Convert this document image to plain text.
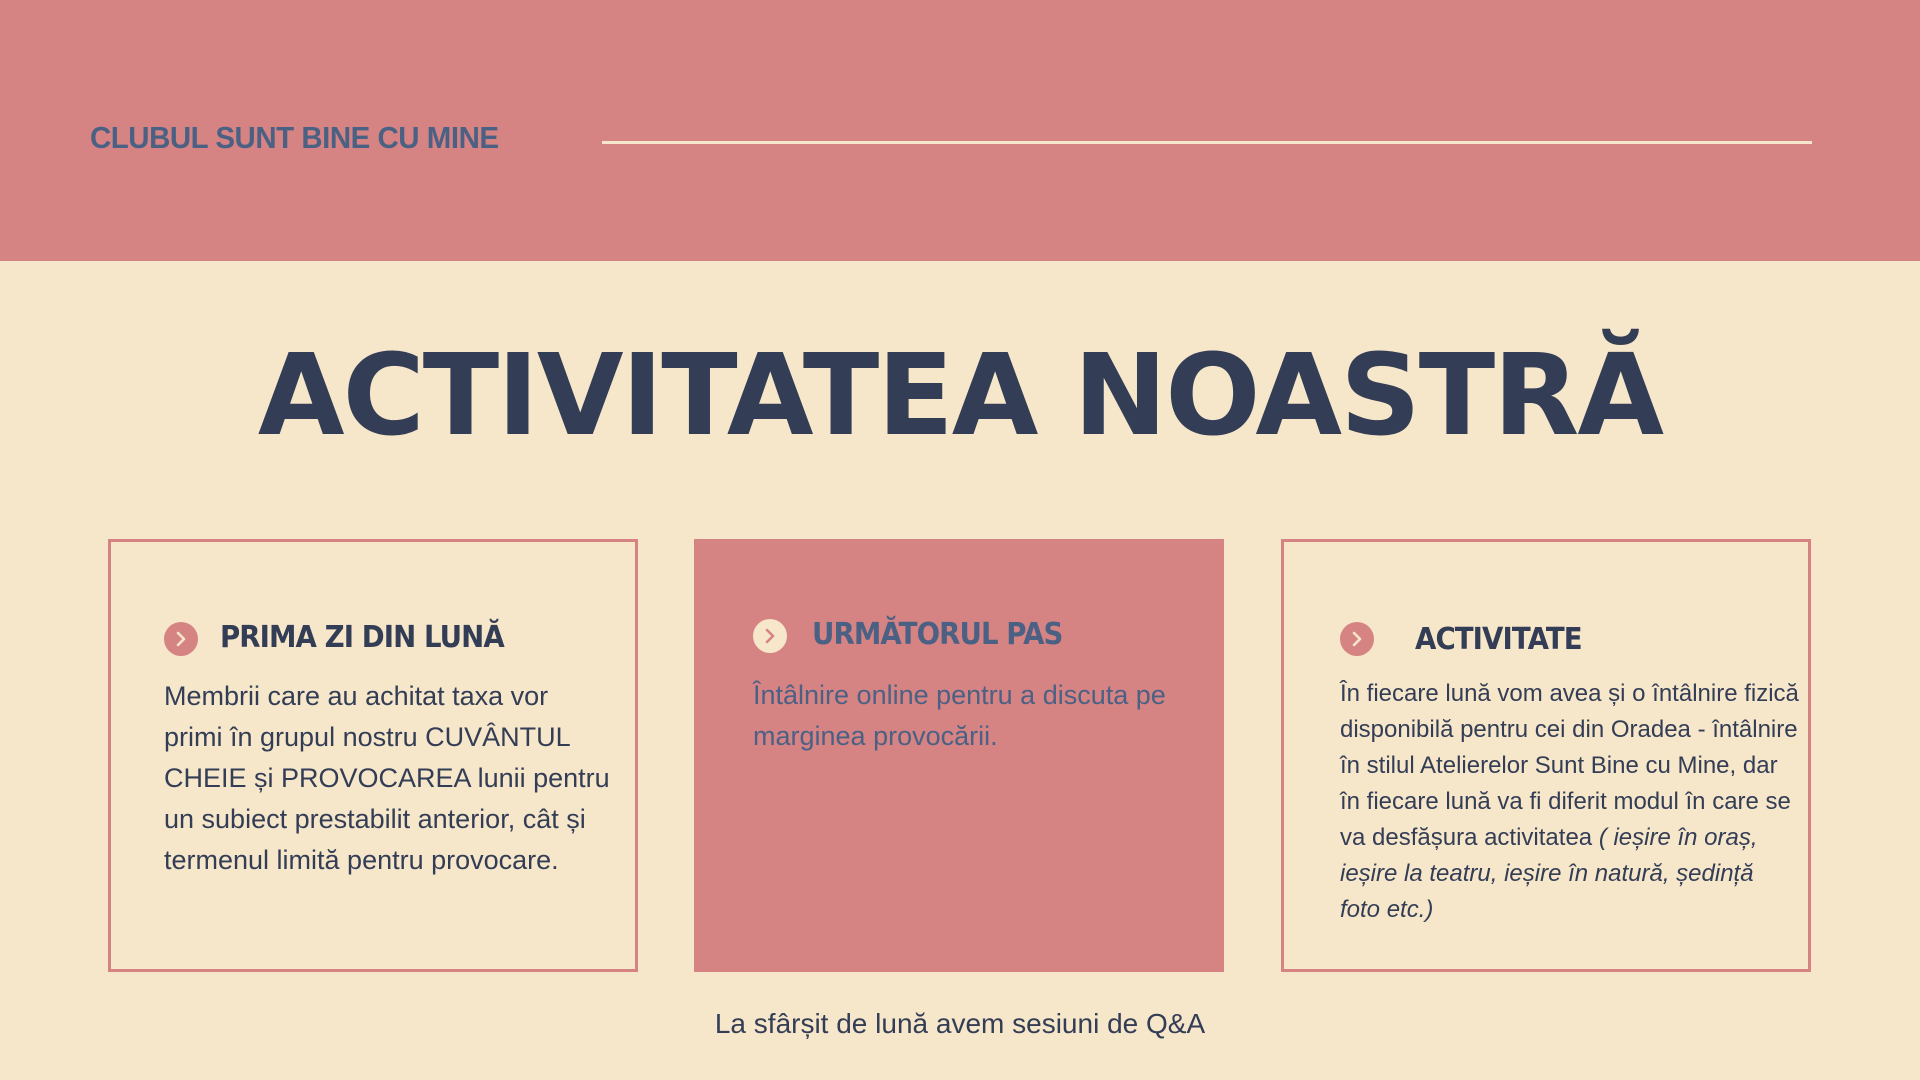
CLUBUL SUNT BINE CU MINE
ACTIVITATEA NOASTRĂ
PRIMA ZI DIN LUNĂ
Membrii care au achitat taxa vor primi în grupul nostru CUVÂNTUL CHEIE și PROVOCAREA lunii pentru un subiect prestabilit anterior, cât și termenul limită pentru provocare.
URMĂTORUL PAS
Întâlnire online pentru a discuta pe marginea provocării.
ACTIVITATE
În fiecare lună vom avea și o întâlnire fizică disponibilă pentru cei din Oradea - întâlnire în stilul Atelierelor Sunt Bine cu Mine, dar în fiecare lună va fi diferit modul în care se va desfășura activitatea ( ieșire în oraș, ieșire la teatru, ieșire în natură, ședință foto etc.)
La sfârșit de lună avem sesiuni de Q&A
